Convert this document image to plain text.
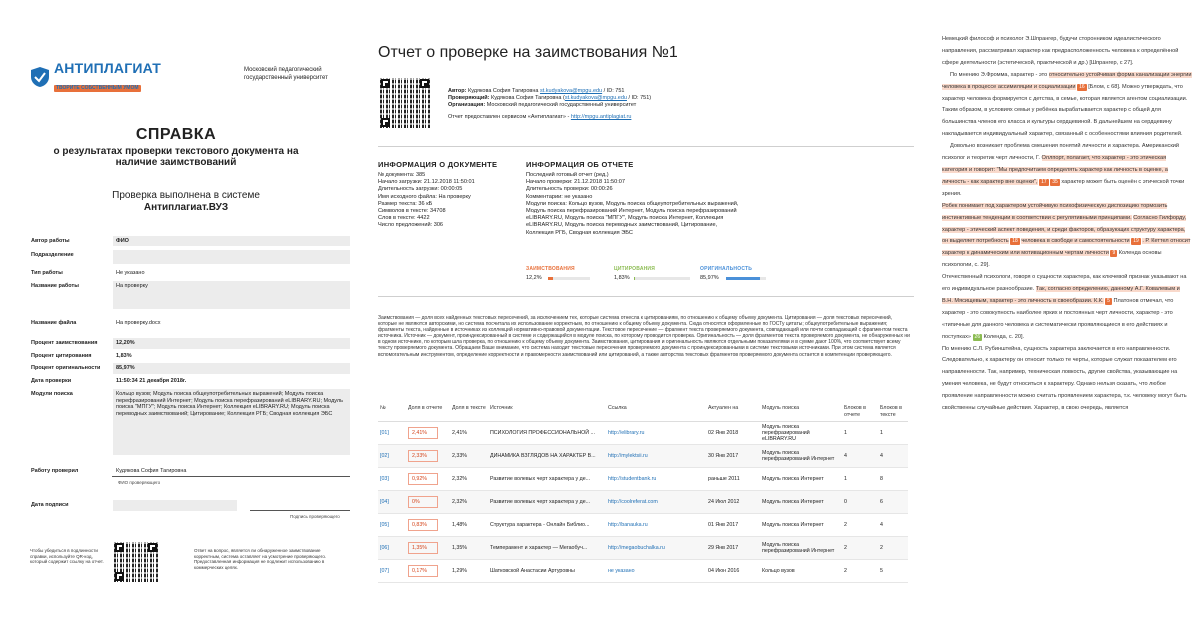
АНТИПЛАГИАТ
ТВОРИТЕ СОБСТВЕННЫМ УМОМ
Московский педагогический государственный университет
СПРАВКА
о результатах проверки текстового документа на наличие заимствований
Проверка выполнена в системе
Антиплагиат.ВУЗ
Автор работы	ФИО
Подразделение
Тип работы	Не указано
Название работы	На проверку
Название файла	На проверку.docx
Процент заимствования	12,20%
Процент цитирования	1,83%
Процент оригинальности	85,97%
Дата проверки	11:50:34 21 декабря 2018г.
Модули поиска	Кольцо вузов; Модуль поиска общеупотребительных выражений; Модуль поиска перефразирований Интернет; Модуль поиска перефразирований eLIBRARY.RU; Модуль поиска "МПГУ"; Модуль поиска Интернет; Коллекция eLIBRARY.RU; Модуль поиска переводных заимствований; Цитирование; Коллекция РГБ; Сводная коллекция ЭБС
Работу проверил	Кудякова София Тагировна
ФИО проверяющего
Дата подписи
Подпись проверяющего
Чтобы убедиться в подлинности справки, используйте QR-код, который содержит ссылку на отчет.
Ответ на вопрос, является ли обнаруженное заимствование корректным, система оставляет на усмотрение проверяющего. Предоставленная информация не подлежит использованию в коммерческих целях.
Отчет о проверке на заимствования №1
Автор: Кудякова София Тагировна st.kudyakova@mpgu.edu / ID: 751
Проверяющий: Кудякова София Тагировна (st.kudyakova@mpgu.edu / ID: 751)
Организация: Московский педагогический государственный университет
Отчет предоставлен сервисом «Антиплагиат» - http://mpgu.antiplagiat.ru
ИНФОРМАЦИЯ О ДОКУМЕНТЕ
№ документа: 385
Начало загрузки: 21.12.2018 11:50:01
Длительность загрузки: 00:00:05
Имя исходного файла: На проверку
Размер текста: 36 кБ
Символов в тексте: 34708
Слов в тексте: 4422
Число предложений: 306
ИНФОРМАЦИЯ ОБ ОТЧЕТЕ
Последний готовый отчет (ред.)
Начало проверки: 21.12.2018 11:50:07
Длительность проверки: 00:00:26
Комментарии: не указано
Модули поиска: Кольцо вузов, Модуль поиска общеупотребительных выражений,
Модуль поиска перефразирований Интернет, Модуль поиска перефразирований
eLIBRARY.RU, Модуль поиска "МПГУ", Модуль поиска Интернет, Коллекция
eLIBRARY.RU, Модуль поиска переводных заимствований, Цитирование,
Коллекция РГБ, Сводная коллекция ЭБС
ЗАИМСТВОВАНИЯ
12,2%
ЦИТИРОВАНИЯ
1,83%
ОРИГИНАЛЬНОСТЬ
85,97%
Заимствования — доля всех найденных текстовых пересечений, за исключением тех, которые система отнесла к цитированиям, по отношению к общему объему документа. Цитирования — доля текстовых пересечений, которые не являются авторскими, но система посчитала их использование корректным, по отношению к общему объему документа. Сюда относятся оформленные по ГОСТу цитаты; общеупотребительные выражения; фрагменты текста, найденные в источниках из коллекций нормативно-правовой документации. Текстовое пересечение — фрагмент текста проверяемого документа, совпадающий или почти совпадающий с фрагментом текста источника. Источник — документ, проиндексированный в системе и содержащийся в модуле поиска, по которому проводится проверка. Оригинальность — доля фрагментов текста проверяемого документа, не обнаруженных ни в одном источнике, по которым шла проверка, по отношению к общему объему документа. Заимствования, цитирования и оригинальность являются отдельными показателями и в сумме дают 100%, что соответствует всему тексту проверяемого документа. Обращаем Ваше внимание, что система находит текстовые пересечения проверяемого документа с проиндексированными в системе текстовыми источниками. При этом система является вспомогательным инструментом, определение корректности и правомерности заимствований или цитирований, а также авторства текстовых фрагментов проверяемого документа остается в компетенции проверяющего.
№	Доля в отчете	Доля в тексте	Источник	Ссылка	Актуален на	Модуль поиска	Блоков в отчете	Блоков в тексте
[01]	2,41%	2,41%	ПСИХОЛОГИЯ ПРОФЕССИОНАЛЬНОЙ ...	http://elibrary.ru	02 Янв 2018	Модуль поиска перефразирований eLIBRARY.RU	1	1
[02]	2,33%	2,33%	ДИНАМИКА ВЗГЛЯДОВ НА ХАРАКТЕР В...	http://mylektsii.ru	30 Янв 2017	Модуль поиска перефразирований Интернет	4	4
[03]	0,92%	2,32%	Развитие волевых черт характера у де...	http://studentbank.ru	раньше 2011	Модуль поиска Интернет	1	8
[04]	0%	2,32%	Развитие волевых черт характера у де...	http://coolreferat.com	24 Июл 2012	Модуль поиска Интернет	0	6
[05]	0,83%	1,48%	Структура характера - Онлайн Библио...	http://banauka.ru	01 Янв 2017	Модуль поиска Интернет	2	4
[06]	1,35%	1,35%	Темперамент и характер — Мегаобуч...	http://megaobuchalka.ru	29 Янв 2017	Модуль поиска перефразирований Интернет	2	2
[07]	0,17%	1,29%	Шатковской Анастасии Артуровны	не указано	04 Июн 2016	Кольцо вузов	2	5
Немецкий философ и психолог Э.Шпрангер, будучи сторонником идеалистического направления, рассматривал характер как предрасположенность человека к определённой сфере деятельности (эстетической, практической и др.) [Шпрангер, с 27].
По мнению Э.Фромма, характер - это относительно устойчивая форма канализации энергии человека в процессе ассимиляции и социализации 16 [Блом, с 68]. Можно утверждать, что характер человека формируется с детства, в семье, которая является агентом социализации. Таким образом, в условиях семьи у ребёнка вырабатывается характер с общей для большинства членов его класса и культуры сердцевиной. В дальнейшем на сердцевину накладывается индивидуальный характер, связанный с особенностями влияния родителей.
Довольно возникает проблема смешения понятий личности и характера. Американский психолог и теоретик черт личности, Г. Оллпорт, полагает, что характер - это этическая категория и говорит: "Мы предпочитаем определять характер как личность в оценке, а личность - как характер вне оценки", 17 35 характер может быть оценён с этической точки зрения.
Робек понимает под характером устойчивую психофизическую диспозицию тормозить инстинктивные тенденции в соответствии с регулятивными принципами. Согласно Гилфорду, характер - этический аспект поведения, и среди факторов, образующих структуру характера, он выделяет потребность 18 человека в свободе и самостоятельности 19 . Р. Кеттел относит характер к динамическим или мотивационным чертам личности 9 Коленда основы психологии, с. 29].
Отечественный психологи, говоря о сущности характера, как ключевой признак указывают на его индивидуальное разнообразие. Так, согласно определению, данному А.Г. Ковалевым и В.Н. Мясищевым, характер - это личность в своеобразии. К.К. 5 Платонов отмечал, что характер - это совокупность наиболее ярких и постоянных черт личности, характер - это «типичные для данного человека и систематически проявляющиеся в его действиях и поступках» 26 Коленда, с. 20].
По мнению С.Л. Рубинштейна, сущность характера заключается в его направленности. Следовательно, к характеру он относит только те черты, которые служат показателем его направленности. Так, например, техническая ловкость, другие свойства, указывающие на умения человека, не будут относиться к характеру. Однако нельзя сказать, что любое проявление направленности можно считать проявлением характера, т.к. человеку могут быть свойственны случайные действия. Характер, в свою очередь, является
